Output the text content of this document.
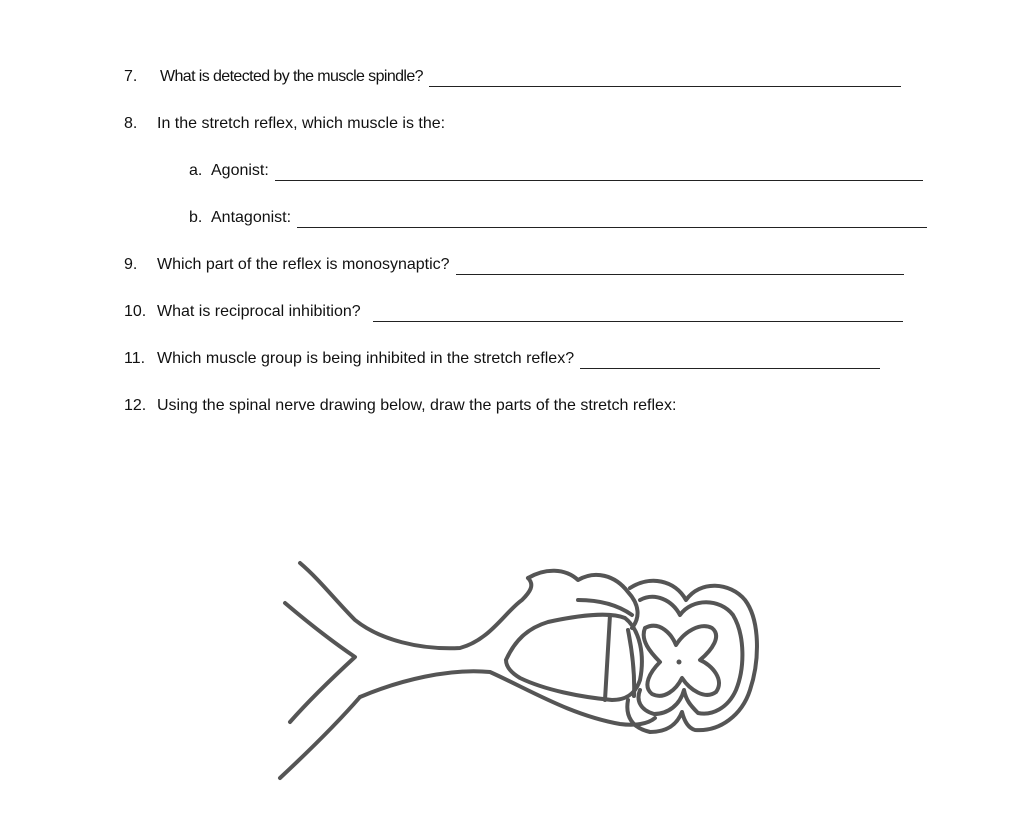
7.	What is detected by the muscle spindle?
8.	In the stretch reflex, which muscle is the:
a. Agonist:
b. Antagonist:
9.	Which part of the reflex is monosynaptic?
10. What is reciprocal inhibition?
11. Which muscle group is being inhibited in the stretch reflex?
12. Using the spinal nerve drawing below, draw the parts of the stretch reflex:
